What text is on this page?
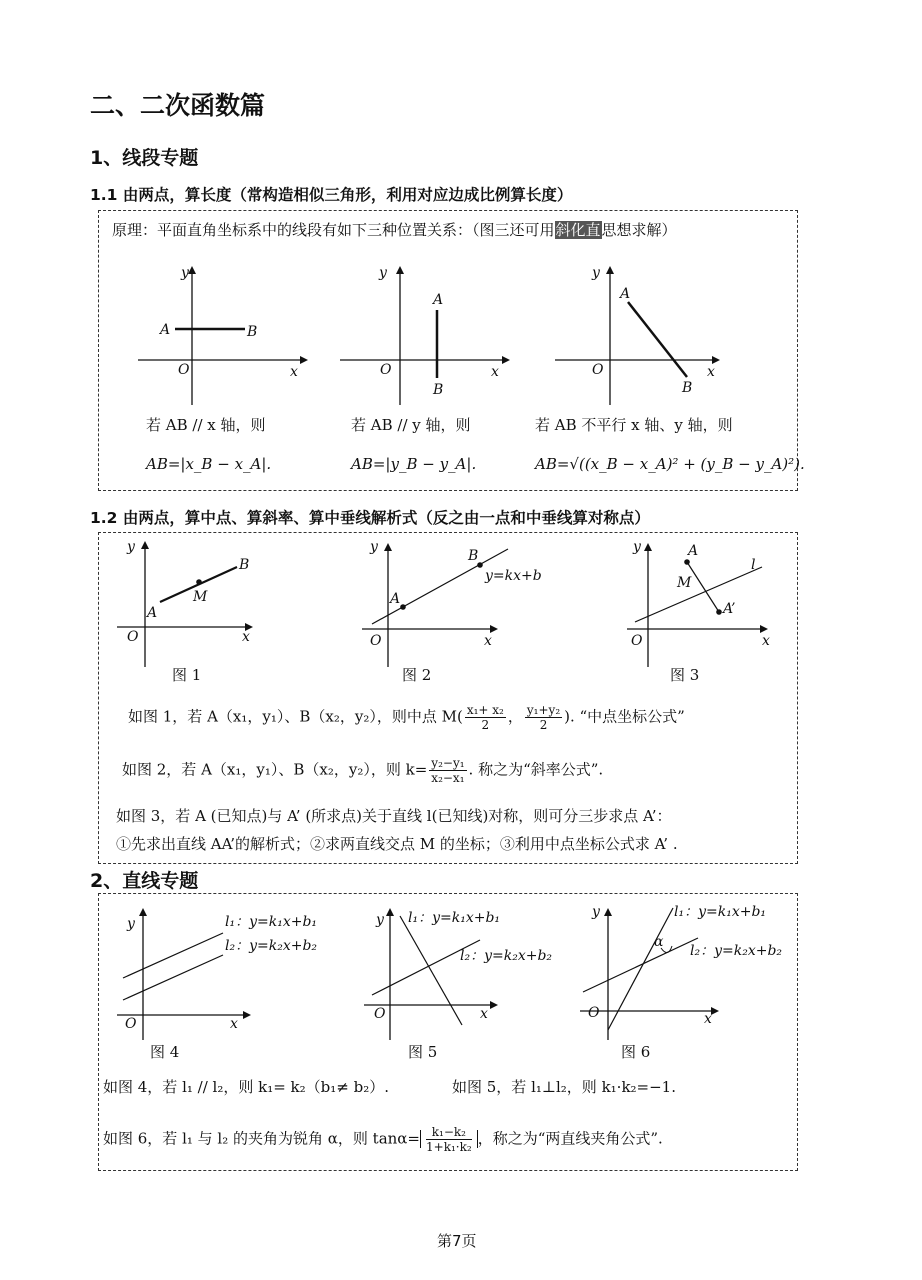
二、二次函数篇
1、线段专题
1.1 由两点，算长度（常构造相似三角形，利用对应边成比例算长度）
原理：平面直角坐标系中的线段有如下三种位置关系：（图三还可用斜化直思想求解）
y
x
O
A	B
y
x
O
A
B
y
x
O
A
B
若 AB // x 轴，则	若 AB // y 轴，则	若 AB 不平行 x 轴、y 轴，则
AB=|x_B − x_A|.	AB=|y_B − y_A|.	AB=√((x_B − x_A)² + (y_B − y_A)²).
1.2 由两点，算中点、算斜率、算中垂线解析式（反之由一点和中垂线算对称点）
y
x
O
A
B
M
y
x
O
A
B
y=kx+b
y
x
O
A
A’
M
l
图 1	图 2	图 3
如图 1，若 A（x₁，y₁）、B（x₂，y₂），则中点 $M( \frac{\text{x₁+ x₂}}{2}$ ， $\frac{\text{y₁+y₂}}{2}$ ). “中点坐标公式”
如图 2，若 A（x₁，y₁）、B（x₂，y₂），则 $k= \frac{\text{y₂−y₁}}{\text{x₂−x₁}}$ . 称之为“斜率公式”.
如图 3，若 A (已知点)与 A’ (所求点)关于直线 l(已知线)对称，则可分三步求点 A’：
①先求出直线 AA’的解析式；②求两直线交点 M 的坐标；③利用中点坐标公式求 A’ .
2、直线专题
y
x
O
l₁：y=k₁x+b₁
l₂：y=k₂x+b₂
y
x
O
l₁：y=k₁x+b₁
l₂：y=k₂x+b₂
y
x
O
α
l₁：y=k₁x+b₁
l₂：y=k₂x+b₂
图 4	图 5	图 6
如图 4，若 l₁ // l₂，则 k₁= k₂（b₁≠ b₂）.	如图 5，若 l₁⊥l₂，则 k₁·k₂=−1.
如图 6，若 l₁ 与 l₂ 的夹角为锐角 α，则 $\tan\alpha= \frac{\text{k₁−k₂}}{\text{1+k₁·k₂}}$ ，称之为“两直线夹角公式”.
第7页
